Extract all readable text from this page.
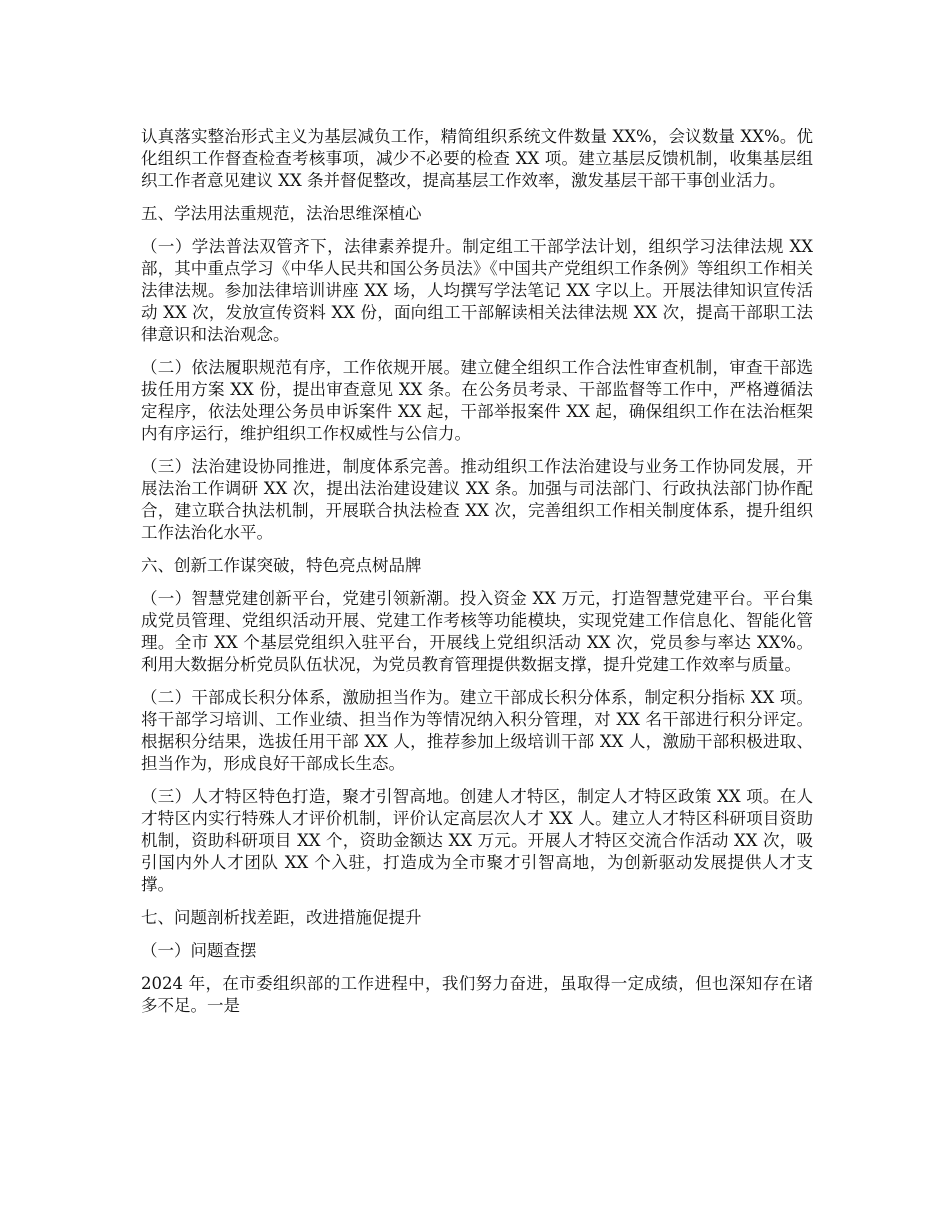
认真落实整治形式主义为基层减负工作，精简组织系统文件数量 XX%，会议数量 XX%。优化组织工作督查检查考核事项，减少不必要的检查 XX 项。建立基层反馈机制，收集基层组织工作者意见建议 XX 条并督促整改，提高基层工作效率，激发基层干部干事创业活力。

五、学法用法重规范，法治思维深植心

（一）学法普法双管齐下，法律素养提升。制定组工干部学法计划，组织学习法律法规 XX 部，其中重点学习《中华人民共和国公务员法》《中国共产党组织工作条例》等组织工作相关法律法规。参加法律培训讲座 XX 场，人均撰写学法笔记 XX 字以上。开展法律知识宣传活动 XX 次，发放宣传资料 XX 份，面向组工干部解读相关法律法规 XX 次，提高干部职工法律意识和法治观念。

（二）依法履职规范有序，工作依规开展。建立健全组织工作合法性审查机制，审查干部选拔任用方案 XX 份，提出审查意见 XX 条。在公务员考录、干部监督等工作中，严格遵循法定程序，依法处理公务员申诉案件 XX 起，干部举报案件 XX 起，确保组织工作在法治框架内有序运行，维护组织工作权威性与公信力。

（三）法治建设协同推进，制度体系完善。推动组织工作法治建设与业务工作协同发展，开展法治工作调研 XX 次，提出法治建设建议 XX 条。加强与司法部门、行政执法部门协作配合，建立联合执法机制，开展联合执法检查 XX 次，完善组织工作相关制度体系，提升组织工作法治化水平。

六、创新工作谋突破，特色亮点树品牌

（一）智慧党建创新平台，党建引领新潮。投入资金 XX 万元，打造智慧党建平台。平台集成党员管理、党组织活动开展、党建工作考核等功能模块，实现党建工作信息化、智能化管理。全市 XX 个基层党组织入驻平台，开展线上党组织活动 XX 次，党员参与率达 XX%。利用大数据分析党员队伍状况，为党员教育管理提供数据支撑，提升党建工作效率与质量。

（二）干部成长积分体系，激励担当作为。建立干部成长积分体系，制定积分指标 XX 项。将干部学习培训、工作业绩、担当作为等情况纳入积分管理，对 XX 名干部进行积分评定。根据积分结果，选拔任用干部 XX 人，推荐参加上级培训干部 XX 人，激励干部积极进取、担当作为，形成良好干部成长生态。

（三）人才特区特色打造，聚才引智高地。创建人才特区，制定人才特区政策 XX 项。在人才特区内实行特殊人才评价机制，评价认定高层次人才 XX 人。建立人才特区科研项目资助机制，资助科研项目 XX 个，资助金额达 XX 万元。开展人才特区交流合作活动 XX 次，吸引国内外人才团队 XX 个入驻，打造成为全市聚才引智高地，为创新驱动发展提供人才支撑。

七、问题剖析找差距，改进措施促提升

（一）问题查摆

2024 年，在市委组织部的工作进程中，我们努力奋进，虽取得一定成绩，但也深知存在诸多不足。一是
